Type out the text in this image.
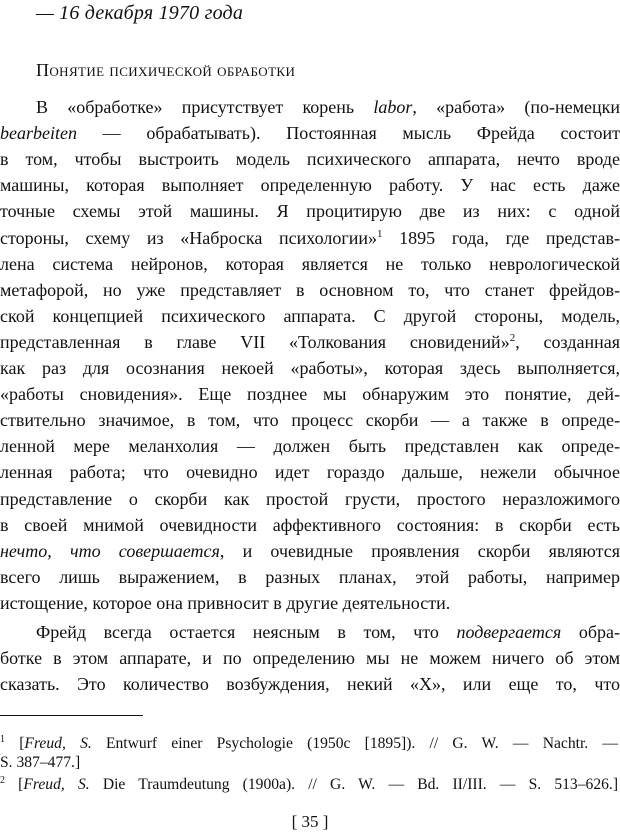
— 16 декабря 1970 года
Понятие психической обработки
В «обработке» присутствует корень labor, «работа» (по-немецки
bearbeiten — обрабатывать). Постоянная мысль Фрейда состоит
в том, чтобы выстроить модель психического аппарата, нечто вроде
машины, которая выполняет определенную работу. У нас есть даже
точные схемы этой машины. Я процитирую две из них: с одной
стороны, схему из «Наброска психологии»$^1$ 1895 года, где представ-
лена система нейронов, которая является не только неврологической
метафорой, но уже представляет в основном то, что станет фрейдов-
ской концепцией психического аппарата. С другой стороны, модель,
представленная в главе VII «Толкования сновидений»$^2$, созданная
как раз для осознания некоей «работы», которая здесь выполняется,
«работы сновидения». Еще позднее мы обнаружим это понятие, дей-
ствительно значимое, в том, что процесс скорби — а также в опреде-
ленной мере меланхолия — должен быть представлен как опреде-
ленная работа; что очевидно идет гораздо дальше, нежели обычное
представление о скорби как простой грусти, простого неразложимого
в своей мнимой очевидности аффективного состояния: в скорби есть
нечто, что совершается, и очевидные проявления скорби являются
всего лишь выражением, в разных планах, этой работы, например
истощение, которое она привносит в другие деятельности.
Фрейд всегда остается неясным в том, что подвергается обра-
ботке в этом аппарате, и по определению мы не можем ничего об этом
сказать. Это количество возбуждения, некий «X», или еще то, что
$^1$ [Freud, S. Entwurf einer Psychologie (1950c [1895]). // G. W. — Nachtr. —
S. 387–477.]
$^2$ [Freud, S. Die Traumdeutung (1900a). // G. W. — Bd. II/III. — S. 513–626.]
[ 35 ]
